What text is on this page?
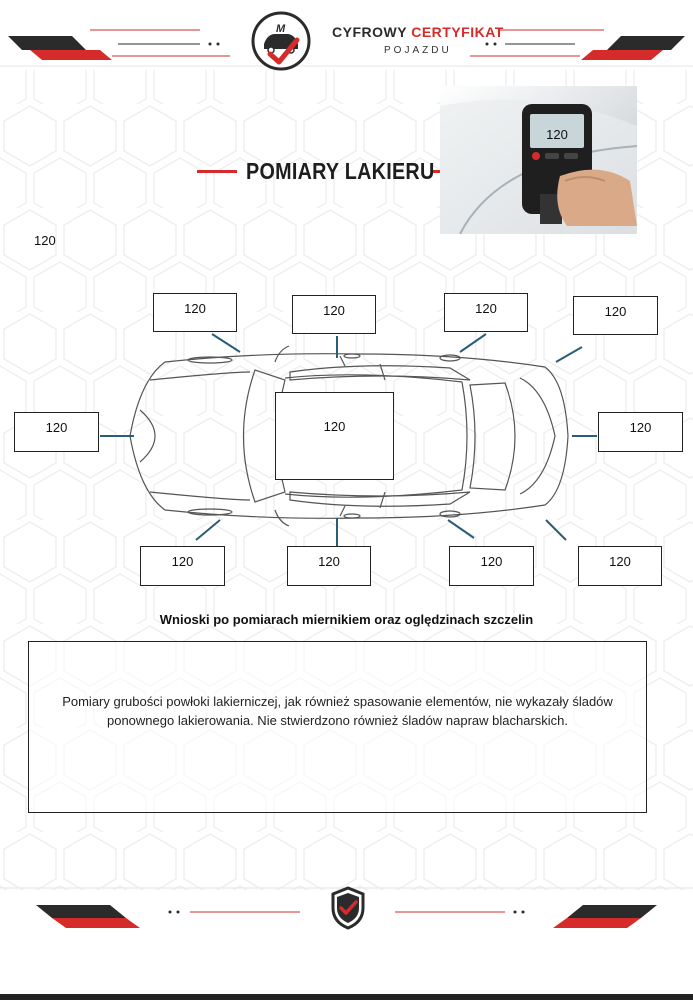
M	CYFROWY CERTYFIKAT
POJAZDU
120
POMIARY LAKIERU
120
120	120	120	120
120	120	120
120	120	120	120
Wnioski po pomiarach miernikiem oraz oględzinach szczelin
Pomiary grubości powłoki lakierniczej, jak również spasowanie elementów, nie wykazały śladów ponownego lakierowania. Nie stwierdzono również śladów napraw blacharskich.
